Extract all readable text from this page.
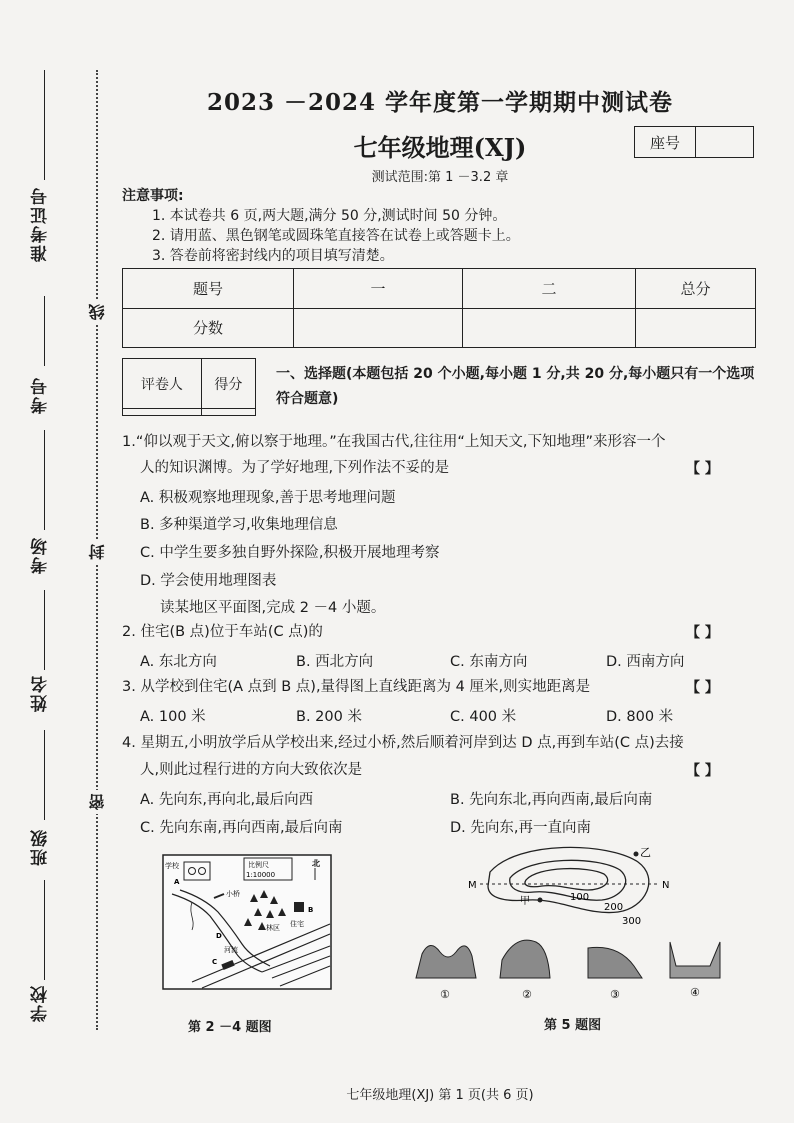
准考证号
考号
考场
姓名
班级
学校
线
封
密
2023 －2024 学年度第一学期期中测试卷
七年级地理(XJ)	座号
测试范围:第 1 －3.2 章
注意事项:
1. 本试卷共 6 页,两大题,满分 50 分,测试时间 50 分钟。
2. 请用蓝、黑色钢笔或圆珠笔直接答在试卷上或答题卡上。
3. 答卷前将密封线内的项目填写清楚。
题号	一	二	总分
分数			
评卷人	得分

一、选择题(本题包括 20 个小题,每小题 1 分,共 20 分,每小题只有一个选项符合题意)
1.“仰以观于天文,俯以察于地理。”在我国古代,往往用“上知天文,下知地理”来形容一个
人的知识渊博。为了学好地理,下列作法不妥的是	【 】
A. 积极观察地理现象,善于思考地理问题
B. 多种渠道学习,收集地理信息
C. 中学生要多独自野外探险,积极开展地理考察
D. 学会使用地理图表
读某地区平面图,完成 2 －4 小题。
2. 住宅(B 点)位于车站(C 点)的	【 】
A. 东北方向	B. 西北方向	C. 东南方向	D. 西南方向
3. 从学校到住宅(A 点到 B 点),量得图上直线距离为 4 厘米,则实地距离是	【 】
A. 100 米	B. 200 米	C. 400 米	D. 800 米
4. 星期五,小明放学后从学校出来,经过小桥,然后顺着河岸到达 D 点,再到车站(C 点)去接
人,则此过程行进的方向大致依次是	【 】
A. 先向东,再向北,最后向西	B. 先向东北,再向西南,最后向南
C. 先向东南,再向西南,最后向南	D. 先向东,再一直向南
学校
A
河流
小桥
比例尺
1:10000
北
林区 住宅
B
C
D
M	N
乙
甲	100
200
300
①	②	③	④
第 2 －4 题图	第 5 题图
七年级地理(XJ) 第 1 页(共 6 页)
